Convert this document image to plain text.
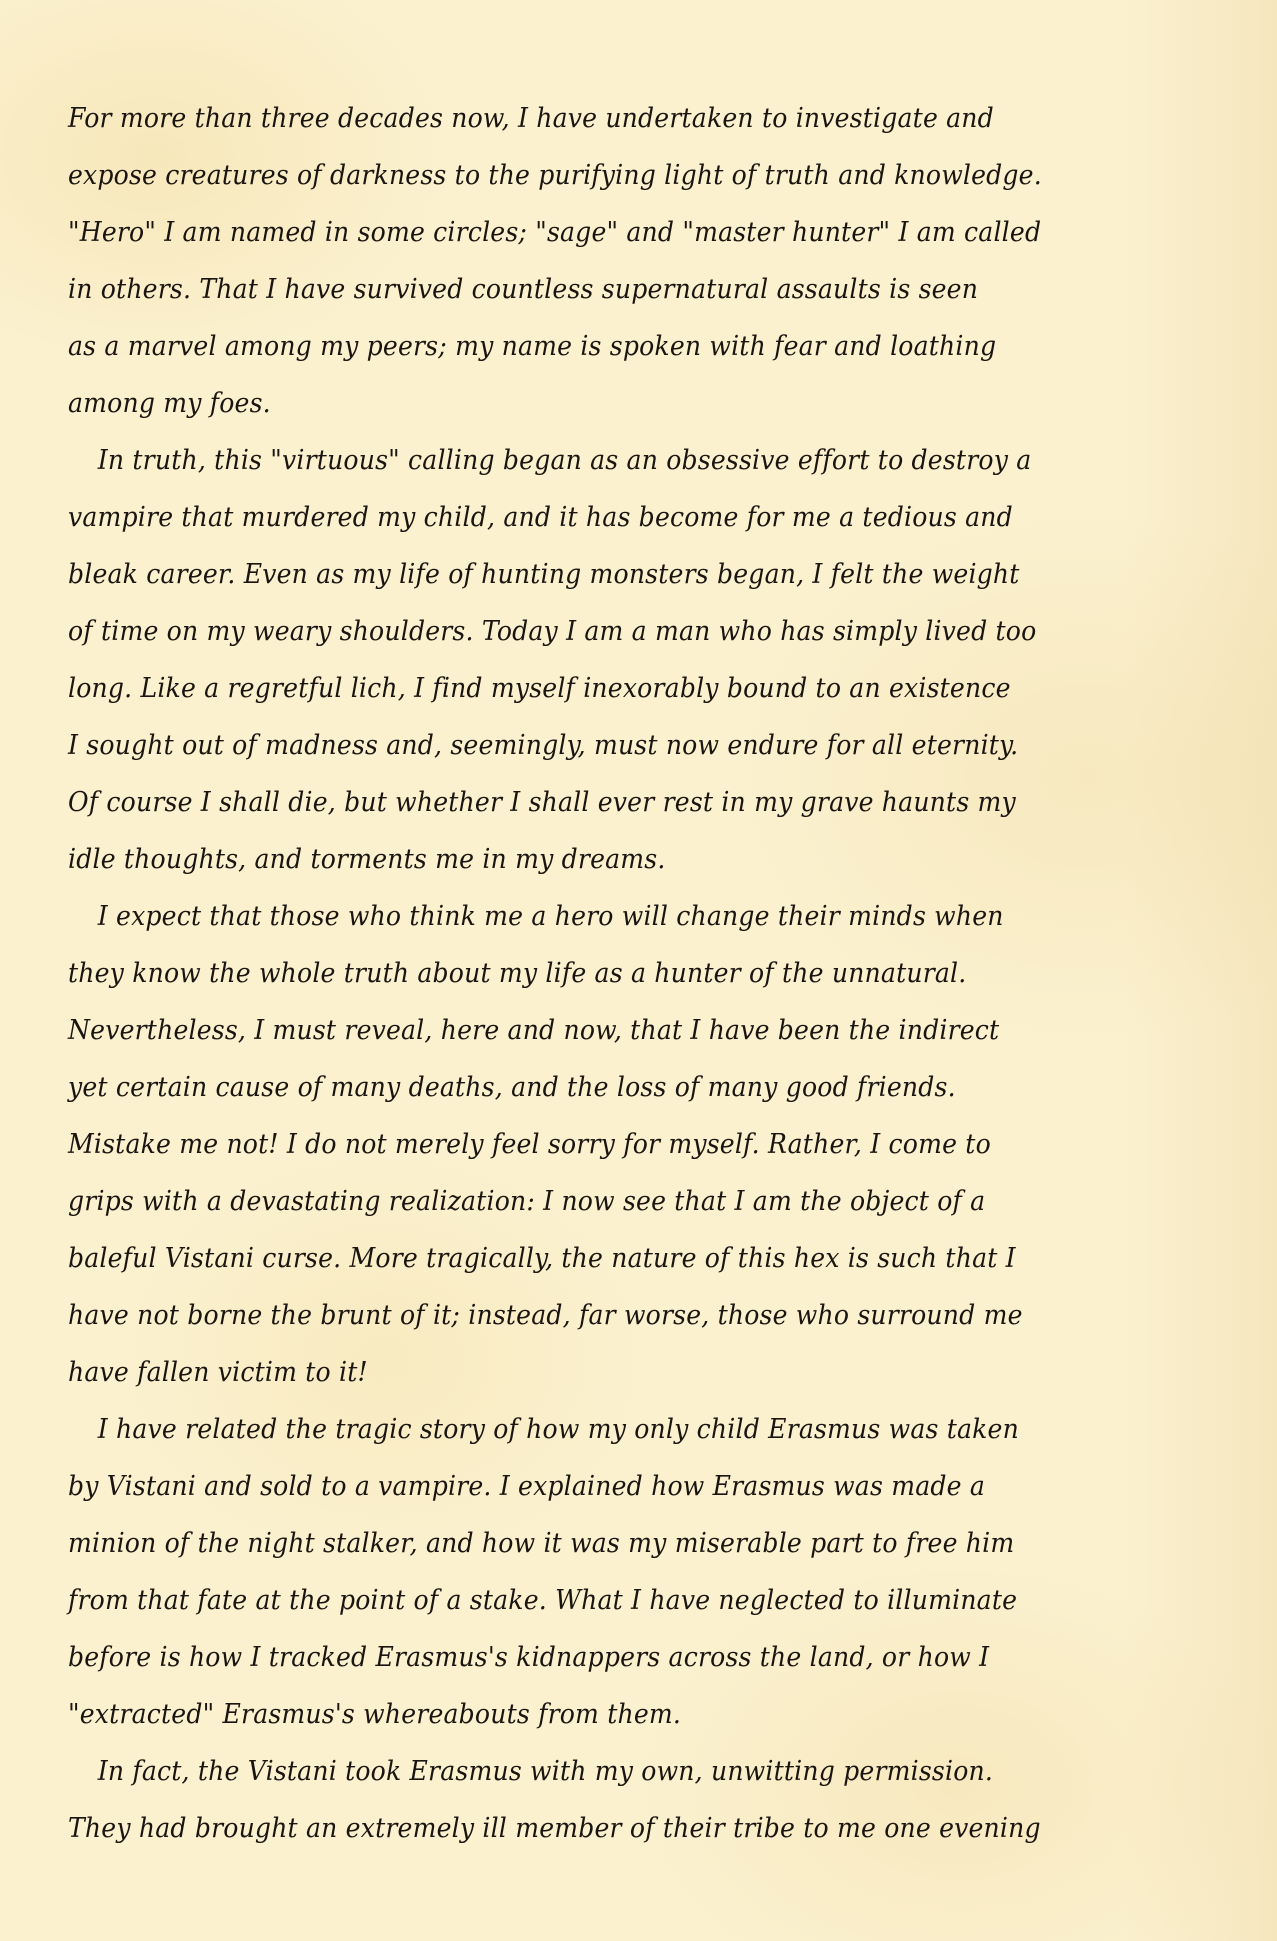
For more than three decades now, I have undertaken to investigate and
expose creatures of darkness to the purifying light of truth and knowledge.
"Hero" I am named in some circles; "sage" and "master hunter" I am called
in others. That I have survived countless supernatural assaults is seen
as a marvel among my peers; my name is spoken with fear and loathing
among my foes.
In truth, this "virtuous" calling began as an obsessive effort to destroy a
vampire that murdered my child, and it has become for me a tedious and
bleak career. Even as my life of hunting monsters began, I felt the weight
of time on my weary shoulders. Today I am a man who has simply lived too
long. Like a regretful lich, I find myself inexorably bound to an existence
I sought out of madness and, seemingly, must now endure for all eternity.
Of course I shall die, but whether I shall ever rest in my grave haunts my
idle thoughts, and torments me in my dreams.
I expect that those who think me a hero will change their minds when
they know the whole truth about my life as a hunter of the unnatural.
Nevertheless, I must reveal, here and now, that I have been the indirect
yet certain cause of many deaths, and the loss of many good friends.
Mistake me not! I do not merely feel sorry for myself. Rather, I come to
grips with a devastating realization: I now see that I am the object of a
baleful Vistani curse. More tragically, the nature of this hex is such that I
have not borne the brunt of it; instead, far worse, those who surround me
have fallen victim to it!
I have related the tragic story of how my only child Erasmus was taken
by Vistani and sold to a vampire. I explained how Erasmus was made a
minion of the night stalker, and how it was my miserable part to free him
from that fate at the point of a stake. What I have neglected to illuminate
before is how I tracked Erasmus's kidnappers across the land, or how I
"extracted" Erasmus's whereabouts from them.
In fact, the Vistani took Erasmus with my own, unwitting permission.
They had brought an extremely ill member of their tribe to me one evening
